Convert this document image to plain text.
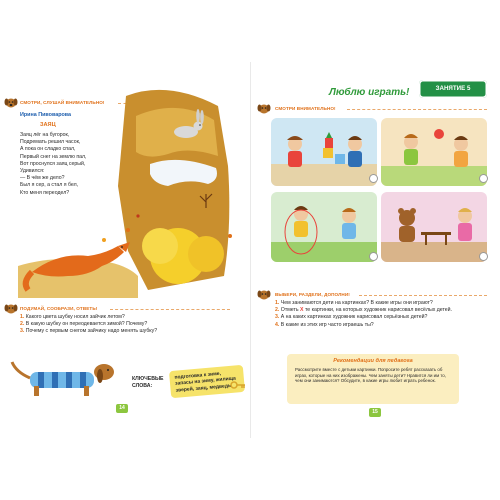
СМОТРИ, СЛУШАЙ ВНИМАТЕЛЬНО!
Ирина Пивоварова
ЗАЯЦ
Заяц лёг на бугорок,
Подремать решил часок,
А пока он сладко спал,
Первый снег на землю пал,
Вот проснулся заяц серый,
Удивился:
— В чём же дело?
Был я сер, а стал я бел,
Кто меня переодел?
ПОДУМАЙ, СООБРАЗИ, ОТВЕТЬ!
1. Какого цвета шубку носил зайчик летом?
2. В какую шубку он переодевается зимой? Почему?
3. Почему с первым снегом зайчику надо менять шубку?
КЛЮЧЕВЫЕ
СЛОВА:
подготовка к зиме, запасы на зиму, жилища зверей, заяц, медведь
14
Люблю играть!	ЗАНЯТИЕ 5
СМОТРИ ВНИМАТЕЛЬНО!
ВЫБЕРИ, РАЗДЕЛИ, ДОПОЛНИ!
1. Чем занимаются дети на картинках? В какие игры они играют?
2. Отметь Х те картинки, на которых художник нарисовал весёлых детей.
3. А на каких картинках художник нарисовал серьёзных детей?
4. В какие из этих игр часто играешь ты?
Рекомендации для педагога
Рассмотрите вместе с детьми картинки. Попросите ребят рассказать об играх, которые на них изображены. Чем заняты дети? Нравится ли им то, чем они занимаются? Обсудите, в какие игры любит играть ребенок.
15
